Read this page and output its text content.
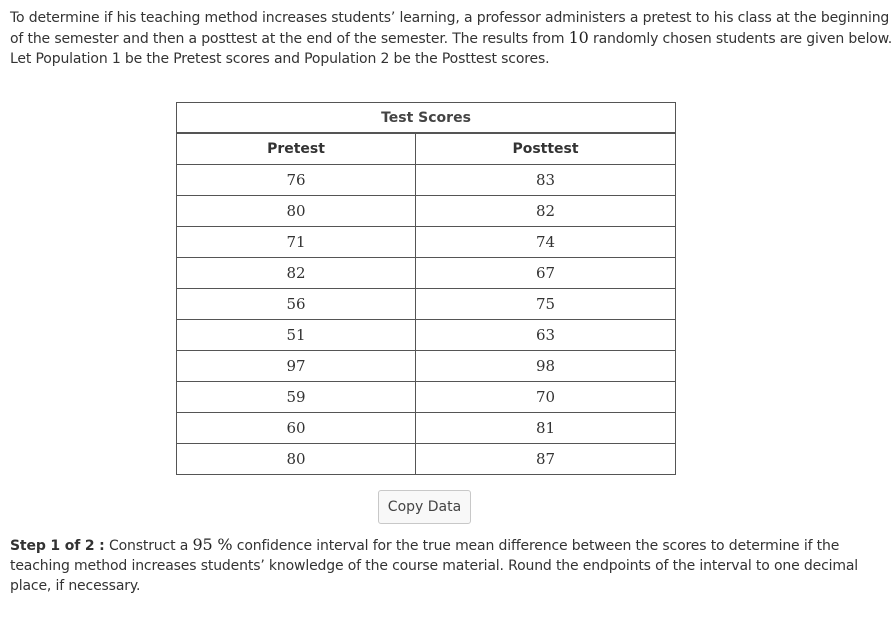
To determine if his teaching method increases students’ learning, a professor administers a pretest to his class at the beginning
of the semester and then a posttest at the end of the semester. The results from 10 randomly chosen students are given below.
Let Population 1 be the Pretest scores and Population 2 be the Posttest scores.
Test Scores	
Pretest	Posttest
76	83
80	82
71	74
82	67
56	75
51	63
97	98
59	70
60	81
80	87
Copy Data
Step 1 of 2 : Construct a 95 % confidence interval for the true mean difference between the scores to determine if the
teaching method increases students’ knowledge of the course material. Round the endpoints of the interval to one decimal
place, if necessary.
